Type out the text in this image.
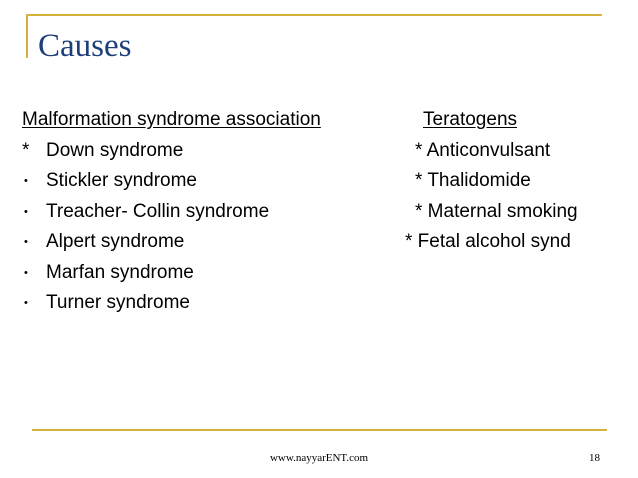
Causes
Malformation syndrome association
* Down syndrome
• Stickler syndrome
• Treacher- Collin syndrome
• Alpert syndrome
• Marfan syndrome
• Turner syndrome
Teratogens
* Anticonvulsant
* Thalidomide
* Maternal smoking
* Fetal alcohol synd
www.nayyarENT.com	18
